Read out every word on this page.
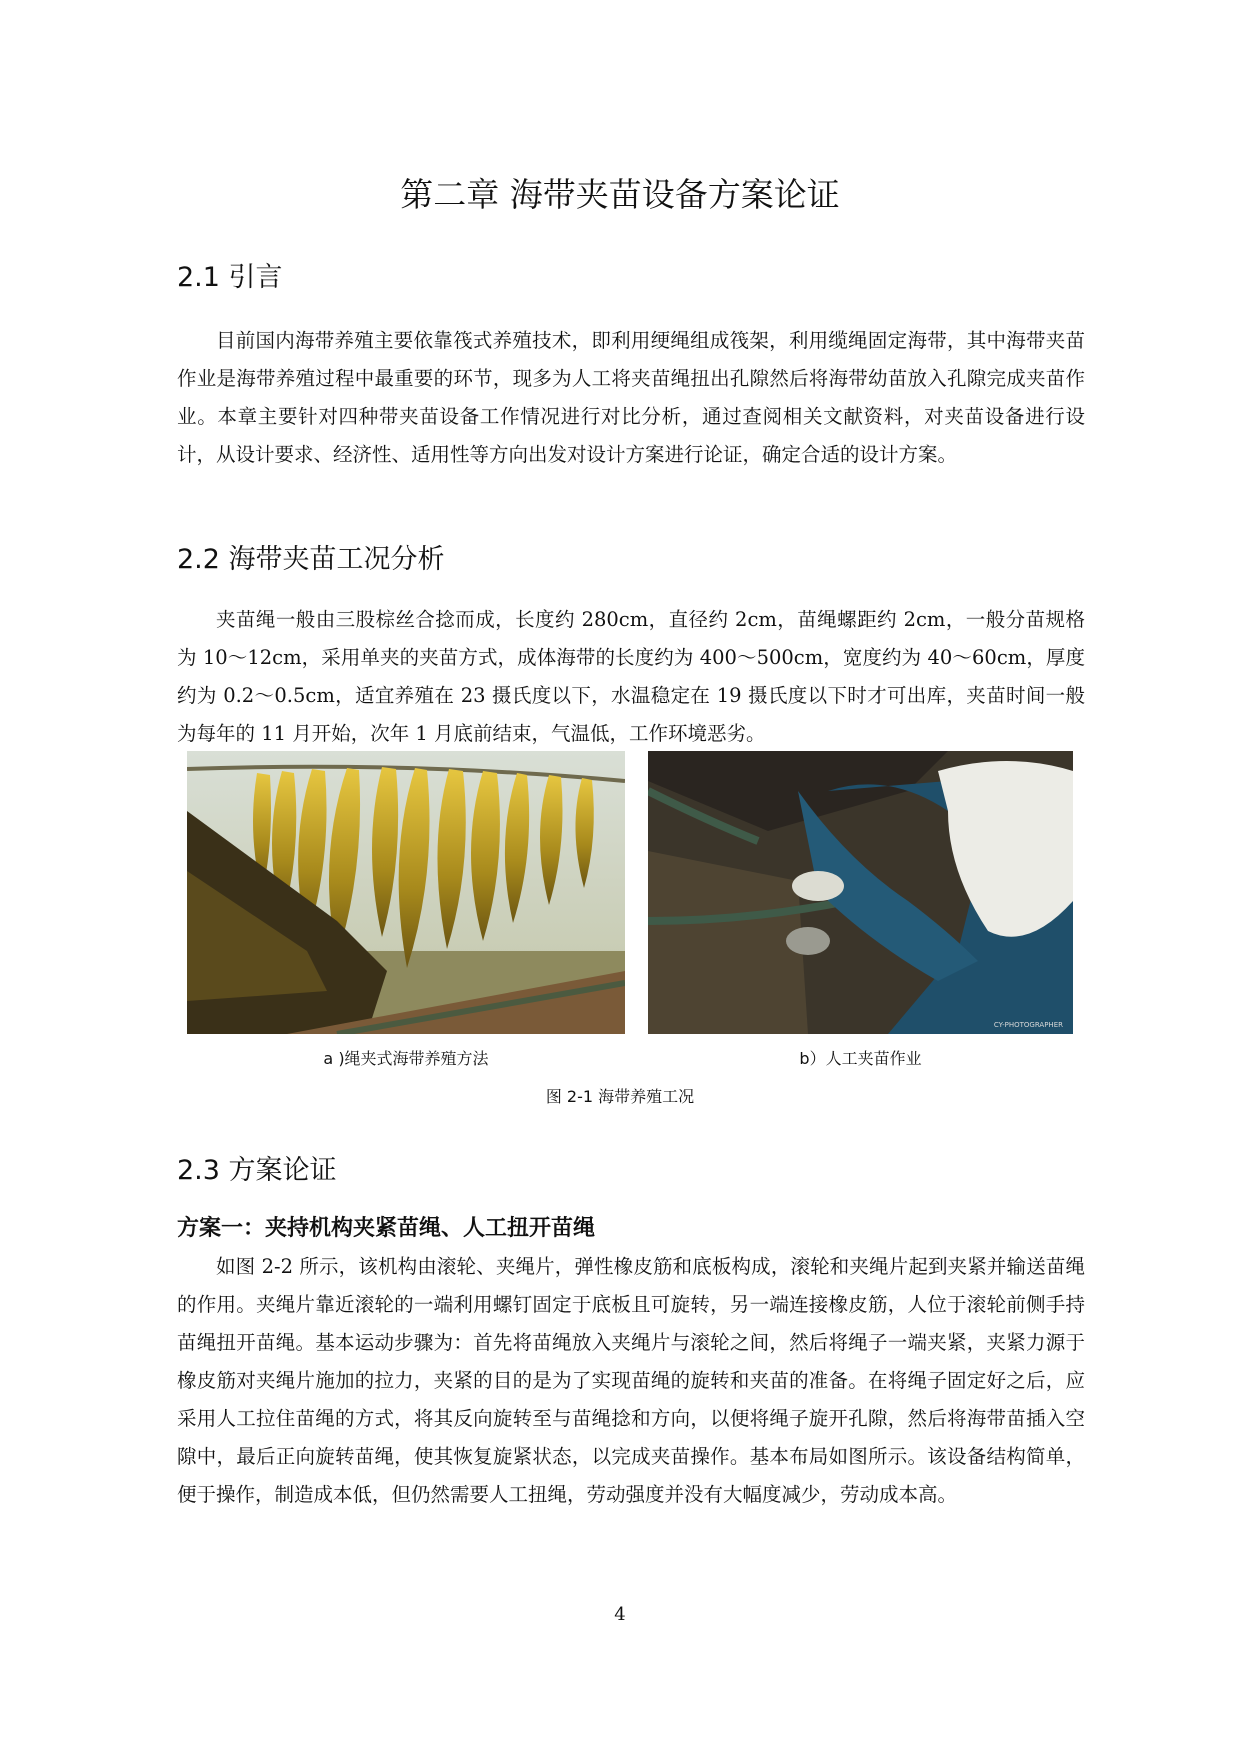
第二章 海带夹苗设备方案论证
2.1 引言

目前国内海带养殖主要依靠筏式养殖技术，即利用绠绳组成筏架，利用缆绳固定海带，其中海带夹苗作业是海带养殖过程中最重要的环节，现多为人工将夹苗绳扭出孔隙然后将海带幼苗放入孔隙完成夹苗作业。本章主要针对四种带夹苗设备工作情况进行对比分析，通过查阅相关文献资料，对夹苗设备进行设计，从设计要求、经济性、适用性等方向出发对设计方案进行论证，确定合适的设计方案。

2.2 海带夹苗工况分析

夹苗绳一般由三股棕丝合捻而成，长度约 280cm，直径约 2cm，苗绳螺距约 2cm，一般分苗规格为 10～12cm，采用单夹的夹苗方式，成体海带的长度约为 400～500cm，宽度约为 40～60cm，厚度约为 0.2～0.5cm，适宜养殖在 23 摄氏度以下，水温稳定在 19 摄氏度以下时才可出库，夹苗时间一般为每年的 11 月开始，次年 1 月底前结束，气温低，工作环境恶劣。

CY-PHOTOGRAPHER
a )绳夹式海带养殖方法	b）人工夹苗作业
图 2-1 海带养殖工况
2.3 方案论证
方案一：夹持机构夹紧苗绳、人工扭开苗绳

如图 2-2 所示，该机构由滚轮、夹绳片，弹性橡皮筋和底板构成，滚轮和夹绳片起到夹紧并输送苗绳的作用。夹绳片靠近滚轮的一端利用螺钉固定于底板且可旋转，另一端连接橡皮筋，人位于滚轮前侧手持苗绳扭开苗绳。基本运动步骤为：首先将苗绳放入夹绳片与滚轮之间，然后将绳子一端夹紧，夹紧力源于橡皮筋对夹绳片施加的拉力，夹紧的目的是为了实现苗绳的旋转和夹苗的准备。在将绳子固定好之后，应采用人工拉住苗绳的方式，将其反向旋转至与苗绳捻和方向，以便将绳子旋开孔隙，然后将海带苗插入空隙中，最后正向旋转苗绳，使其恢复旋紧状态，以完成夹苗操作。基本布局如图所示。该设备结构简单，便于操作，制造成本低，但仍然需要人工扭绳，劳动强度并没有大幅度减少，劳动成本高。

4
